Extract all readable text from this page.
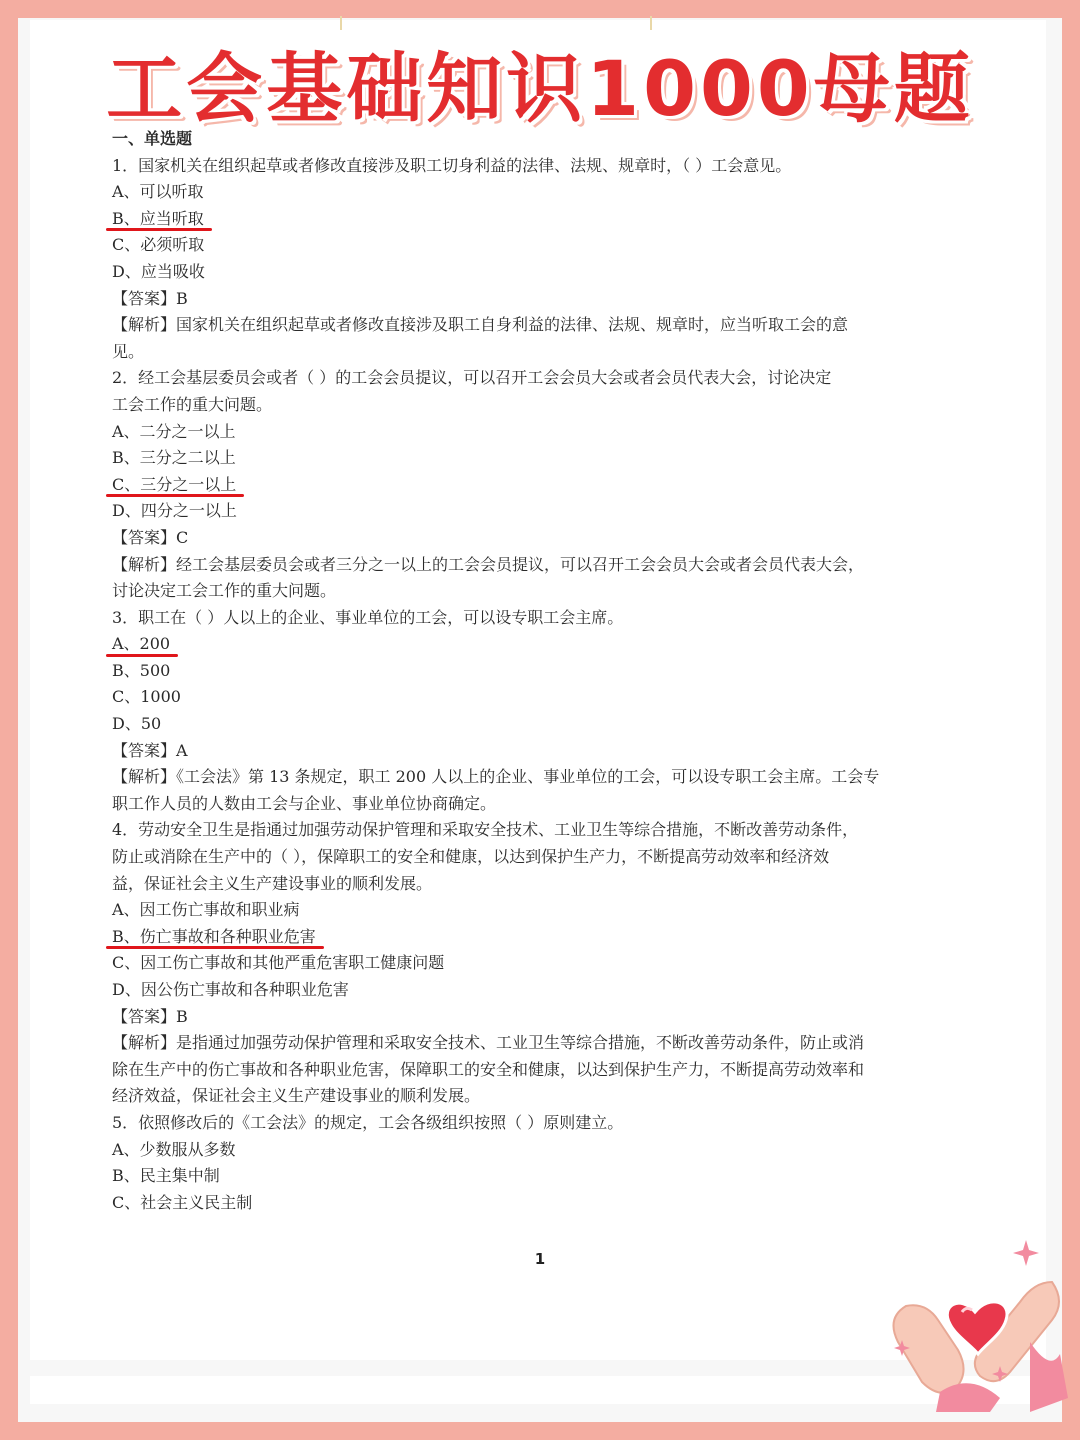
工会基础知识1000母题
一、单选题
1．国家机关在组织起草或者修改直接涉及职工切身利益的法律、法规、规章时，（ ）工会意见。
A、可以听取
B、应当听取
C、必须听取
D、应当吸收
【答案】B
【解析】国家机关在组织起草或者修改直接涉及职工自身利益的法律、法规、规章时，应当听取工会的意
见。
2．经工会基层委员会或者（ ）的工会会员提议，可以召开工会会员大会或者会员代表大会，讨论决定
工会工作的重大问题。
A、二分之一以上
B、三分之二以上
C、三分之一以上
D、四分之一以上
【答案】C
【解析】经工会基层委员会或者三分之一以上的工会会员提议，可以召开工会会员大会或者会员代表大会，
讨论决定工会工作的重大问题。
3．职工在（ ）人以上的企业、事业单位的工会，可以设专职工会主席。
A、200
B、500
C、1000
D、50
【答案】A
【解析】《工会法》第 13 条规定，职工 200 人以上的企业、事业单位的工会，可以设专职工会主席。工会专
职工作人员的人数由工会与企业、事业单位协商确定。
4．劳动安全卫生是指通过加强劳动保护管理和采取安全技术、工业卫生等综合措施，不断改善劳动条件，
防止或消除在生产中的（ ），保障职工的安全和健康，以达到保护生产力，不断提高劳动效率和经济效
益，保证社会主义生产建设事业的顺利发展。
A、因工伤亡事故和职业病
B、伤亡事故和各种职业危害
C、因工伤亡事故和其他严重危害职工健康问题
D、因公伤亡事故和各种职业危害
【答案】B
【解析】是指通过加强劳动保护管理和采取安全技术、工业卫生等综合措施，不断改善劳动条件，防止或消
除在生产中的伤亡事故和各种职业危害，保障职工的安全和健康，以达到保护生产力，不断提高劳动效率和
经济效益，保证社会主义生产建设事业的顺利发展。
5．依照修改后的《工会法》的规定，工会各级组织按照（ ）原则建立。
A、少数服从多数
B、民主集中制
C、社会主义民主制
1
